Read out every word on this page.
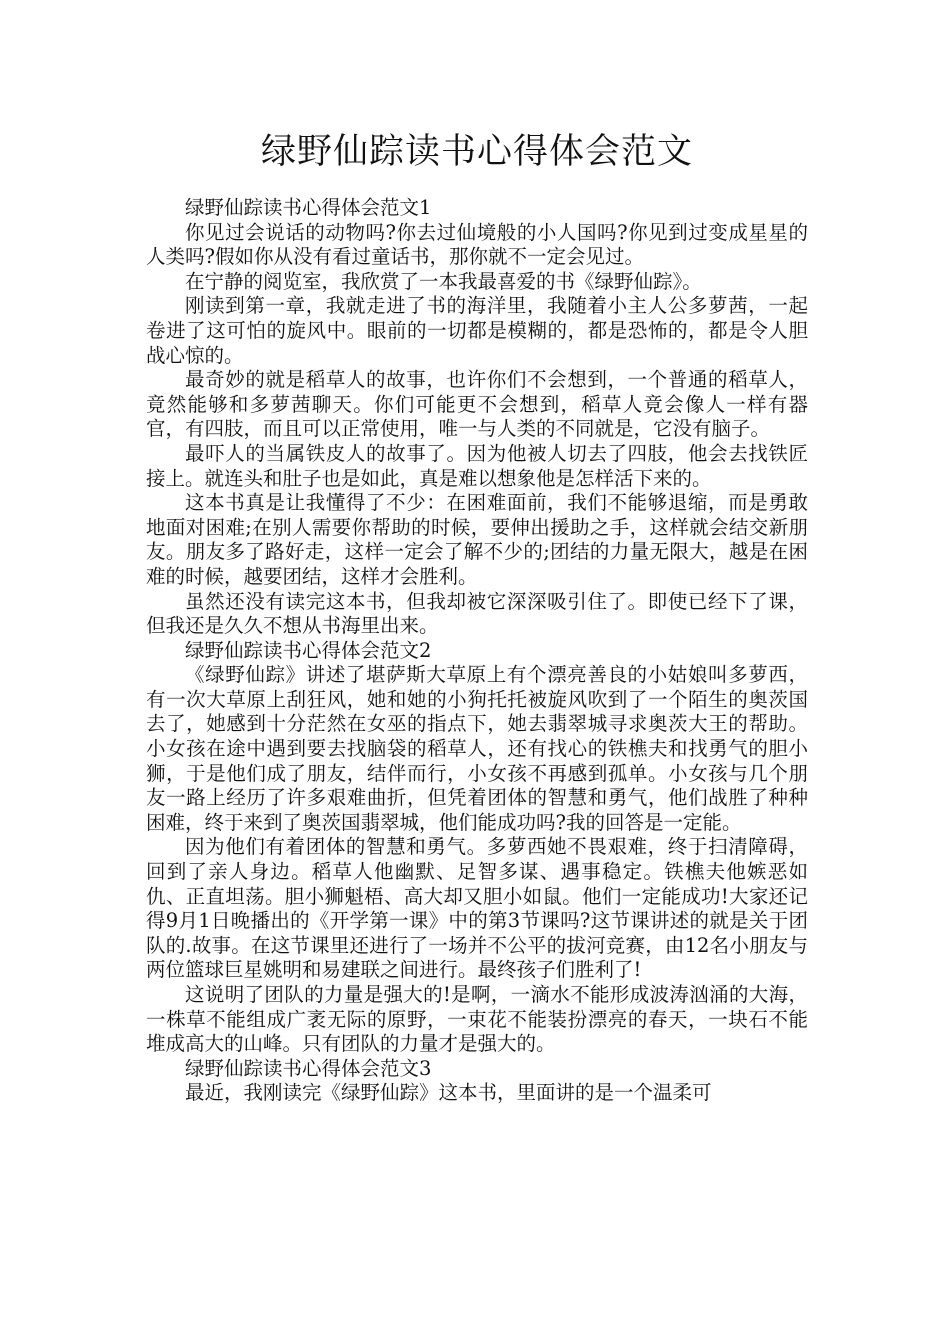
绿野仙踪读书心得体会范文

绿野仙踪读书心得体会范文1

你见过会说话的动物吗?你去过仙境般的小人国吗?你见到过变成星星的人类吗?假如你从没有看过童话书，那你就不一定会见过。

在宁静的阅览室，我欣赏了一本我最喜爱的书《绿野仙踪》。

刚读到第一章，我就走进了书的海洋里，我随着小主人公多萝茜，一起卷进了这可怕的旋风中。眼前的一切都是模糊的，都是恐怖的，都是令人胆战心惊的。

最奇妙的就是稻草人的故事，也许你们不会想到，一个普通的稻草人，竟然能够和多萝茜聊天。你们可能更不会想到，稻草人竟会像人一样有器官，有四肢，而且可以正常使用，唯一与人类的不同就是，它没有脑子。

最吓人的当属铁皮人的故事了。因为他被人切去了四肢，他会去找铁匠接上。就连头和肚子也是如此，真是难以想象他是怎样活下来的。

这本书真是让我懂得了不少：在困难面前，我们不能够退缩，而是勇敢地面对困难;在别人需要你帮助的时候，要伸出援助之手，这样就会结交新朋友。朋友多了路好走，这样一定会了解不少的;团结的力量无限大，越是在困难的时候，越要团结，这样才会胜利。

虽然还没有读完这本书，但我却被它深深吸引住了。即使已经下了课，但我还是久久不想从书海里出来。

绿野仙踪读书心得体会范文2

《绿野仙踪》讲述了堪萨斯大草原上有个漂亮善良的小姑娘叫多萝西，有一次大草原上刮狂风，她和她的小狗托托被旋风吹到了一个陌生的奥茨国去了，她感到十分茫然在女巫的指点下，她去翡翠城寻求奥茨大王的帮助。小女孩在途中遇到要去找脑袋的稻草人，还有找心的铁樵夫和找勇气的胆小狮，于是他们成了朋友，结伴而行，小女孩不再感到孤单。小女孩与几个朋友一路上经历了许多艰难曲折，但凭着团体的智慧和勇气，他们战胜了种种困难，终于来到了奥茨国翡翠城，他们能成功吗?我的回答是一定能。

因为他们有着团体的智慧和勇气。多萝西她不畏艰难，终于扫清障碍，回到了亲人身边。稻草人他幽默、足智多谋、遇事稳定。铁樵夫他嫉恶如仇、正直坦荡。胆小狮魁梧、高大却又胆小如鼠。他们一定能成功!大家还记得9月1日晚播出的《开学第一课》中的第3节课吗?这节课讲述的就是关于团队的.故事。在这节课里还进行了一场并不公平的拔河竞赛，由12名小朋友与两位篮球巨星姚明和易建联之间进行。最终孩子们胜利了!

这说明了团队的力量是强大的!是啊，一滴水不能形成波涛汹涌的大海，一株草不能组成广袤无际的原野，一束花不能装扮漂亮的春天，一块石不能堆成高大的山峰。只有团队的力量才是强大的。

绿野仙踪读书心得体会范文3

最近，我刚读完《绿野仙踪》这本书，里面讲的是一个温柔可
